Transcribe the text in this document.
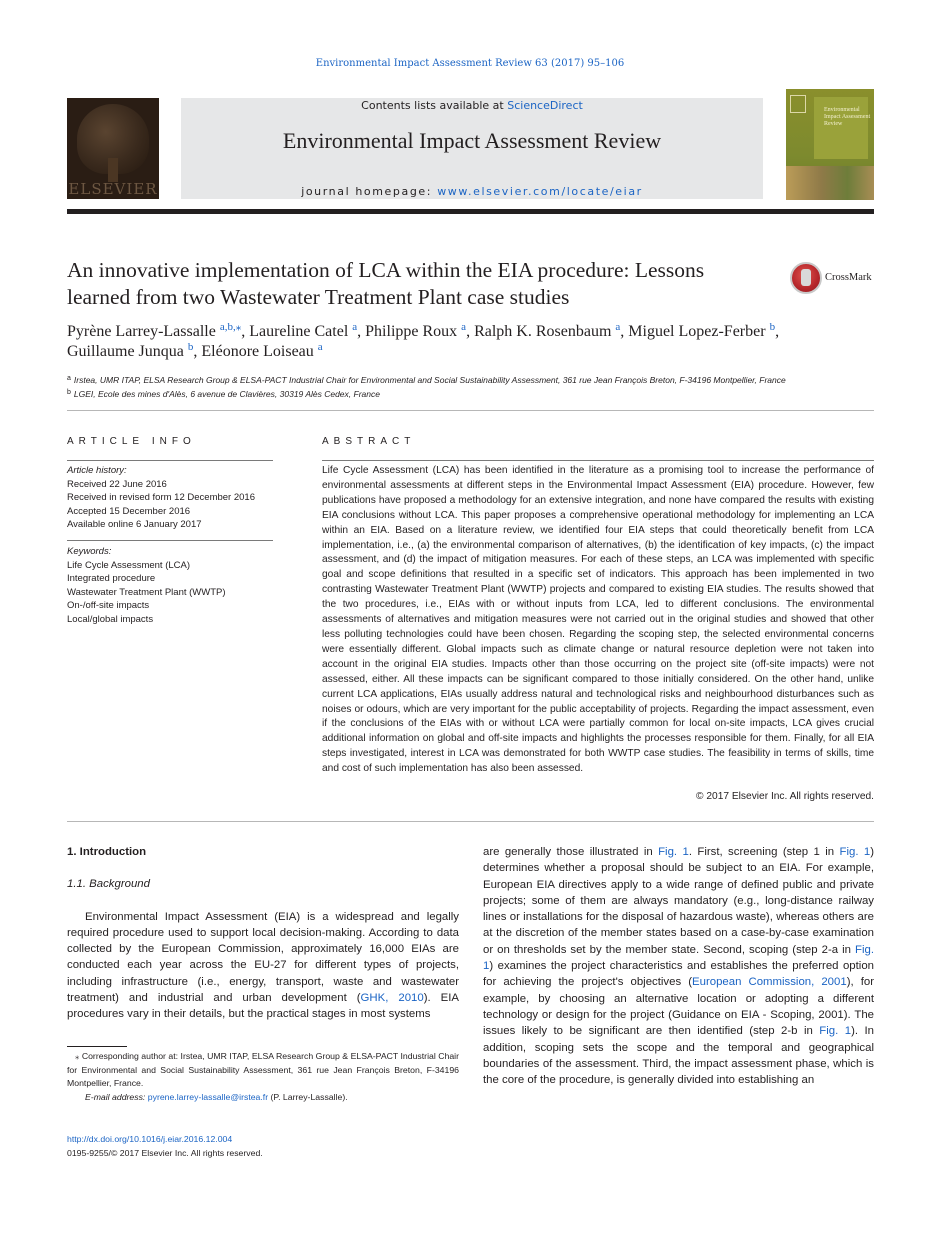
Environmental Impact Assessment Review 63 (2017) 95–106
ELSEVIER
Contents lists available at ScienceDirect
Environmental Impact Assessment Review
journal homepage: www.elsevier.com/locate/eiar
Environmental Impact Assessment Review
An innovative implementation of LCA within the EIA procedure: Lessons learned from two Wastewater Treatment Plant case studies
CrossMark
Pyrène Larrey-Lassalle $^{a,b,⁎}$, Laureline Catel $^a$, Philippe Roux $^a$, Ralph K. Rosenbaum $^a$, Miguel Lopez-Ferber $^b$,
Guillaume Junqua $^b$, Eléonore Loiseau $^a$
$^a$ Irstea, UMR ITAP, ELSA Research Group & ELSA-PACT Industrial Chair for Environmental and Social Sustainability Assessment, 361 rue Jean François Breton, F-34196 Montpellier, France
$^b$ LGEI, Ecole des mines d'Alès, 6 avenue de Clavières, 30319 Alès Cedex, France
ARTICLE INFO
Article history:
Received 22 June 2016
Received in revised form 12 December 2016
Accepted 15 December 2016
Available online 6 January 2017
Keywords:
Life Cycle Assessment (LCA)
Integrated procedure
Wastewater Treatment Plant (WWTP)
On-/off-site impacts
Local/global impacts
ABSTRACT
Life Cycle Assessment (LCA) has been identified in the literature as a promising tool to increase the performance of environmental assessments at different steps in the Environmental Impact Assessment (EIA) procedure. However, few publications have proposed a methodology for an extensive integration, and none have compared the results with existing EIA conclusions without LCA. This paper proposes a comprehensive operational methodology for implementing an LCA within an EIA. Based on a literature review, we identified four EIA steps that could theoretically benefit from LCA implementation, i.e., (a) the environmental comparison of alternatives, (b) the identification of key impacts, (c) the impact assessment, and (d) the impact of mitigation measures. For each of these steps, an LCA was implemented with specific goal and scope definitions that resulted in a specific set of indicators. This approach has been implemented in two contrasting Wastewater Treatment Plant (WWTP) projects and compared to existing EIA studies. The results showed that the two procedures, i.e., EIAs with or without inputs from LCA, led to different conclusions. The environmental assessments of alternatives and mitigation measures were not carried out in the original studies and showed that other less polluting technologies could have been chosen. Regarding the scoping step, the selected environmental concerns were essentially different. Global impacts such as climate change or natural resource depletion were not taken into account in the original EIA studies. Impacts other than those occurring on the project site (off-site impacts) were not assessed, either. All these impacts can be significant compared to those initially considered. On the other hand, unlike current LCA applications, EIAs usually address natural and technological risks and neighbourhood disturbances such as noises or odours, which are very important for the public acceptability of projects. Regarding the impact assessment, even if the conclusions of the EIAs with or without LCA were partially common for local on-site impacts, LCA gives crucial additional information on global and off-site impacts and highlights the processes responsible for them. Finally, for all EIA steps investigated, interest in LCA was demonstrated for both WWTP case studies. The feasibility in terms of skills, time and cost of such implementation has also been assessed.
© 2017 Elsevier Inc. All rights reserved.
1. Introduction
1.1. Background

Environmental Impact Assessment (EIA) is a widespread and legally required procedure used to support local decision-making. According to data collected by the European Commission, approximately 16,000 EIAs are conducted each year across the EU-27 for different types of projects, including infrastructure (i.e., energy, transport, waste and wastewater treatment) and industrial and urban development (GHK, 2010). EIA procedures vary in their details, but the practical stages in most systems

are generally those illustrated in Fig. 1. First, screening (step 1 in Fig. 1) determines whether a proposal should be subject to an EIA. For example, European EIA directives apply to a wide range of defined public and private projects; some of them are always mandatory (e.g., long-distance railway lines or installations for the disposal of hazardous waste), whereas others are at the discretion of the member states based on a case-by-case examination or on thresholds set by the member state. Second, scoping (step 2-a in Fig. 1) examines the project characteristics and establishes the preferred option for achieving the project's objectives (European Commission, 2001), for example, by choosing an alternative location or adopting a different technology or design for the project (Guidance on EIA - Scoping, 2001). The issues likely to be significant are then identified (step 2-b in Fig. 1). In addition, scoping sets the scope and the temporal and geographical boundaries of the assessment. Third, the impact assessment phase, which is the core of the procedure, is generally divided into establishing an

⁎ Corresponding author at: Irstea, UMR ITAP, ELSA Research Group & ELSA-PACT Industrial Chair for Environmental and Social Sustainability Assessment, 361 rue Jean François Breton, F-34196 Montpellier, France.
E-mail address: pyrene.larrey-lassalle@irstea.fr (P. Larrey-Lassalle).
http://dx.doi.org/10.1016/j.eiar.2016.12.004
0195-9255/© 2017 Elsevier Inc. All rights reserved.
